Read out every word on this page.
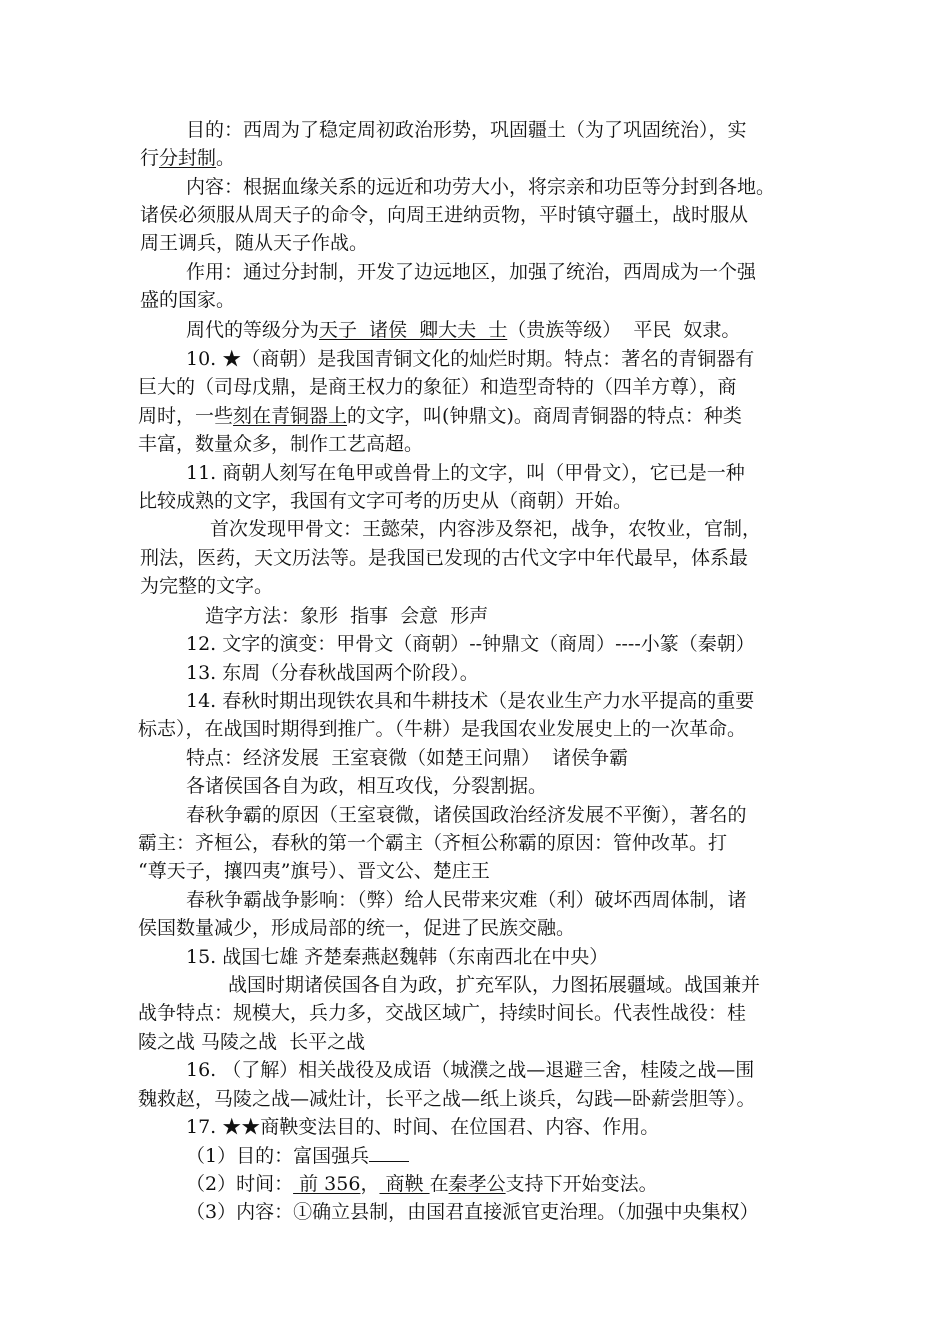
目的：西周为了稳定周初政治形势，巩固疆土（为了巩固统治），实
行分封制。
内容：根据血缘关系的远近和功劳大小，将宗亲和功臣等分封到各地。
诸侯必须服从周天子的命令，向周王进纳贡物，平时镇守疆土，战时服从
周王调兵，随从天子作战。
作用：通过分封制，开发了边远地区，加强了统治，西周成为一个强
盛的国家。
周代的等级分为天子  诸侯  卿大夫  士（贵族等级）  平民  奴隶。
10. ★（商朝）是我国青铜文化的灿烂时期。特点：著名的青铜器有
巨大的（司母戊鼎，是商王权力的象征）和造型奇特的（四羊方尊），商
周时，一些刻在青铜器上的文字，叫(钟鼎文)。商周青铜器的特点：种类
丰富，数量众多，制作工艺高超。
11. 商朝人刻写在龟甲或兽骨上的文字，叫（甲骨文），它已是一种
比较成熟的文字，我国有文字可考的历史从（商朝）开始。
首次发现甲骨文：王懿荣，内容涉及祭祀，战争，农牧业，官制，
刑法，医药，天文历法等。是我国已发现的古代文字中年代最早，体系最
为完整的文字。
造字方法：象形  指事  会意  形声
12. 文字的演变：甲骨文（商朝）--钟鼎文（商周）----小篆（秦朝）
13. 东周（分春秋战国两个阶段）。
14. 春秋时期出现铁农具和牛耕技术（是农业生产力水平提高的重要
标志），在战国时期得到推广。（牛耕）是我国农业发展史上的一次革命。
特点：经济发展  王室衰微（如楚王问鼎）  诸侯争霸
各诸侯国各自为政，相互攻伐，分裂割据。
春秋争霸的原因（王室衰微，诸侯国政治经济发展不平衡），著名的
霸主：齐桓公，春秋的第一个霸主（齐桓公称霸的原因：管仲改革。打
“尊天子，攘四夷”旗号）、晋文公、楚庄王
春秋争霸战争影响：（弊）给人民带来灾难（利）破坏西周体制，诸
侯国数量减少，形成局部的统一，促进了民族交融。
15. 战国七雄 齐楚秦燕赵魏韩（东南西北在中央）
战国时期诸侯国各自为政，扩充军队，力图拓展疆域。战国兼并
战争特点：规模大，兵力多，交战区域广，持续时间长。代表性战役：桂
陵之战 马陵之战  长平之战
16. （了解）相关战役及成语（城濮之战—退避三舍，桂陵之战—围
魏救赵，马陵之战—减灶计，长平之战—纸上谈兵，勾践—卧薪尝胆等）。
17. ★★商鞅变法目的、时间、在位国君、内容、作用。
（1）目的：富国强兵
（2）时间： 前 356， 商鞅 在秦孝公支持下开始变法。
（3）内容：①确立县制，由国君直接派官吏治理。（加强中央集权）
